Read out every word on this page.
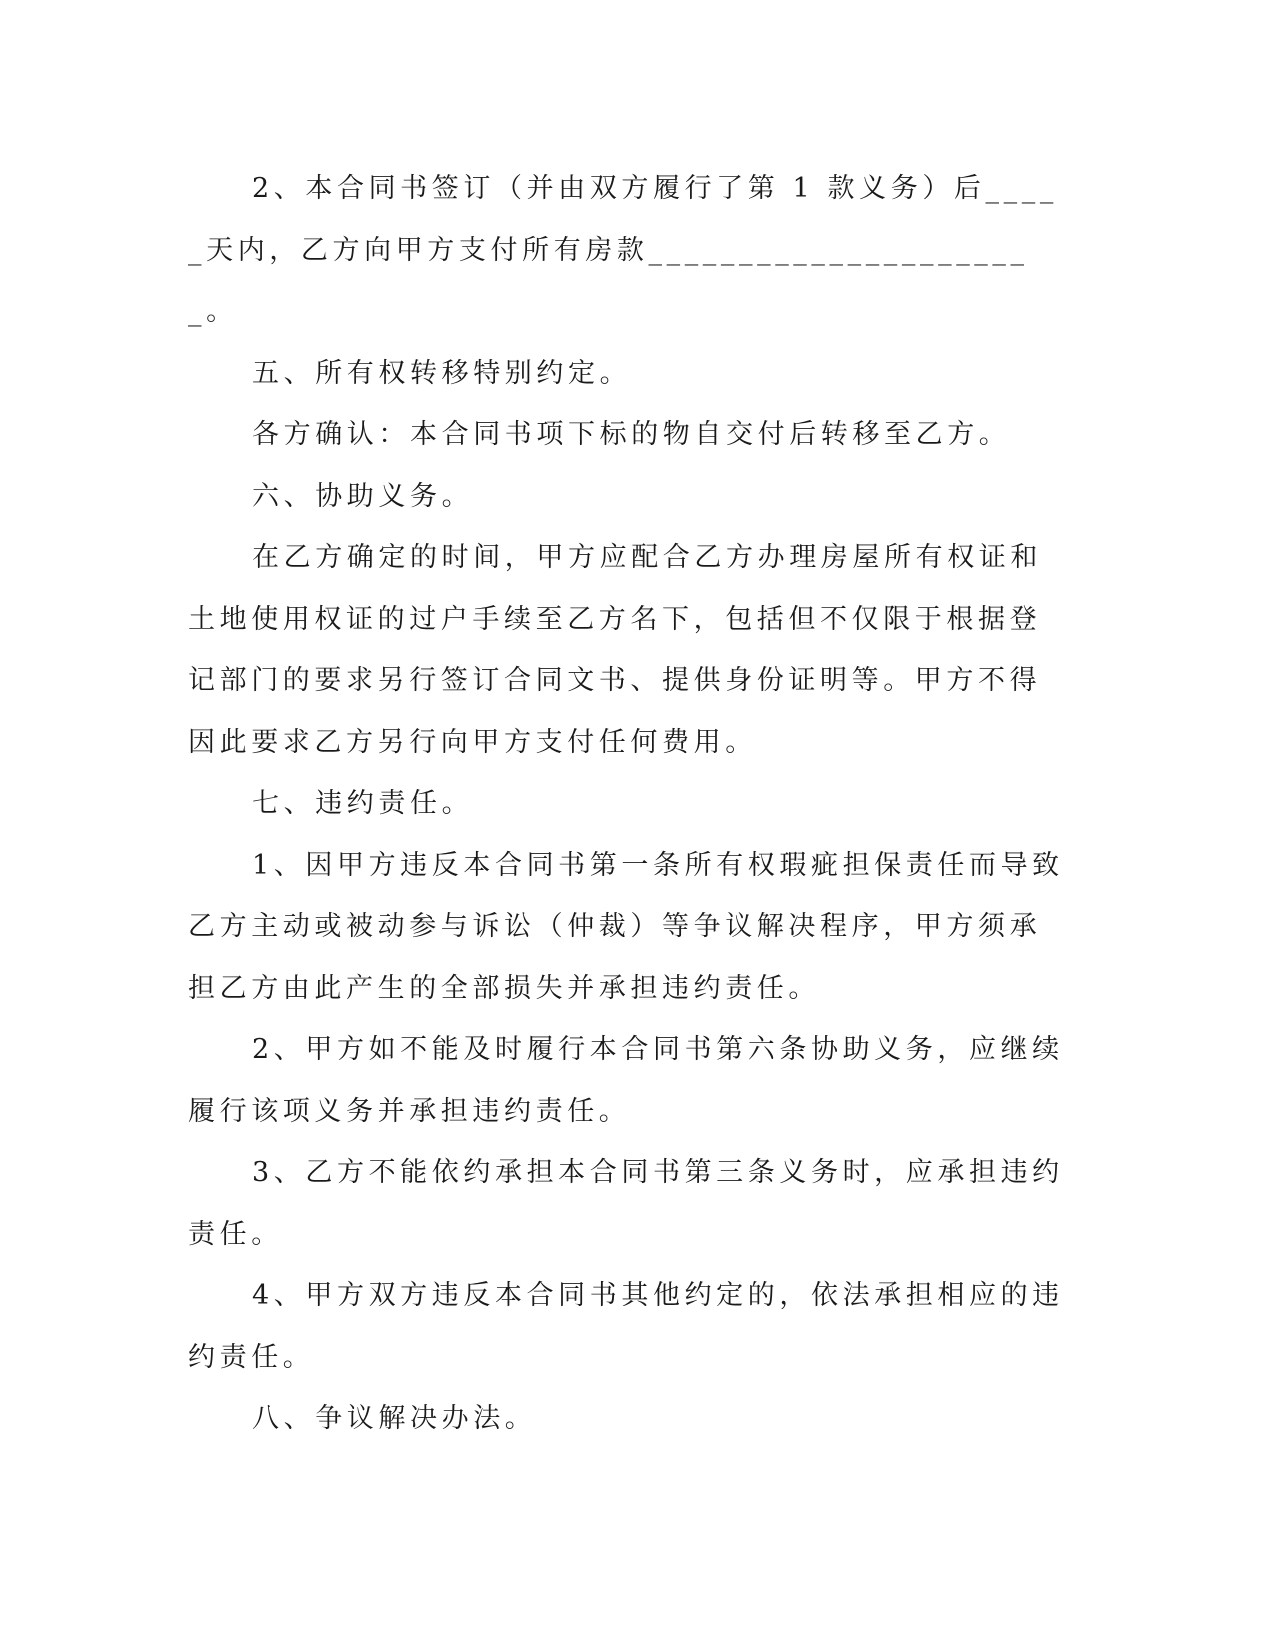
2、本合同书签订（并由双方履行了第 1 款义务）后_____天内，乙方向甲方支付所有房款______________________。

五、所有权转移特别约定。

各方确认：本合同书项下标的物自交付后转移至乙方。

六、协助义务。

在乙方确定的时间，甲方应配合乙方办理房屋所有权证和土地使用权证的过户手续至乙方名下，包括但不仅限于根据登记部门的要求另行签订合同文书、提供身份证明等。甲方不得因此要求乙方另行向甲方支付任何费用。

七、违约责任。

1、因甲方违反本合同书第一条所有权瑕疵担保责任而导致乙方主动或被动参与诉讼（仲裁）等争议解决程序，甲方须承担乙方由此产生的全部损失并承担违约责任。

2、甲方如不能及时履行本合同书第六条协助义务，应继续履行该项义务并承担违约责任。

3、乙方不能依约承担本合同书第三条义务时，应承担违约责任。

4、甲方双方违反本合同书其他约定的，依法承担相应的违约责任。

八、争议解决办法。
